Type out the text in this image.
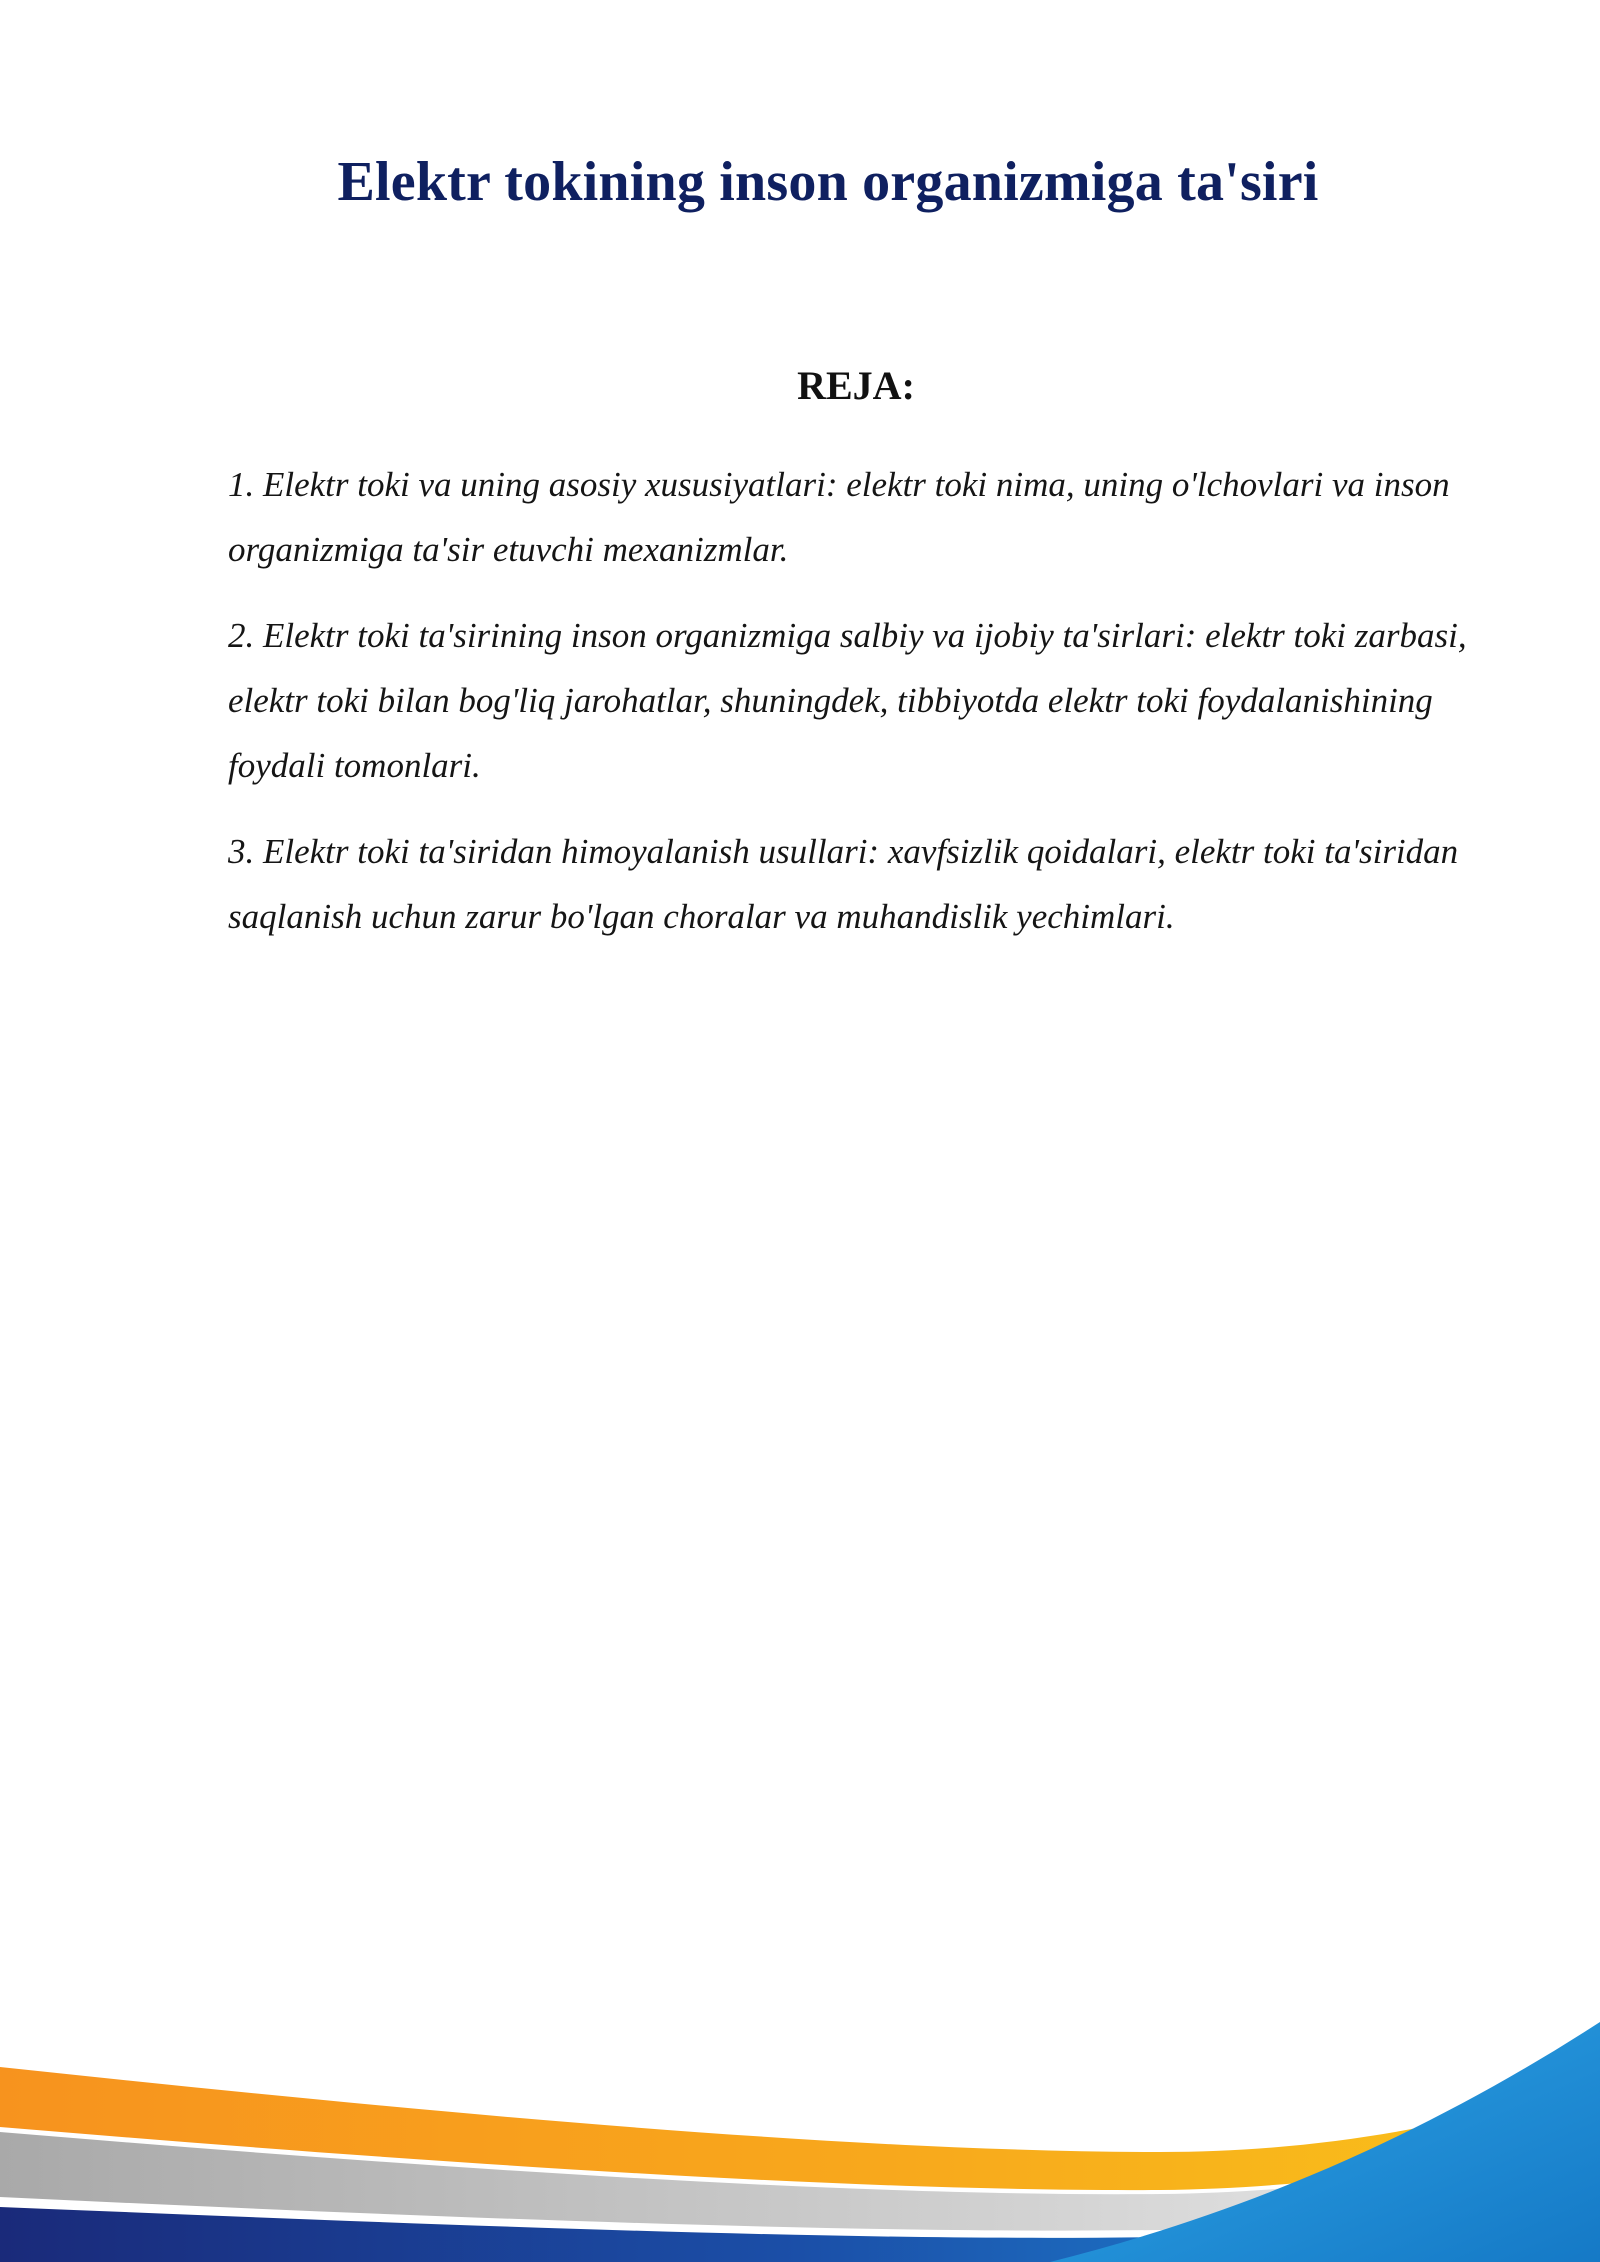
Elektr tokining inson organizmiga ta'siri
REJA:
1. Elektr toki va uning asosiy xususiyatlari: elektr toki nima, uning o'lchovlari va inson organizmiga ta'sir etuvchi mexanizmlar.
2. Elektr toki ta'sirining inson organizmiga salbiy va ijobiy ta'sirlari: elektr toki zarbasi, elektr toki bilan bog'liq jarohatlar, shuningdek, tibbiyotda elektr toki foydalanishining foydali tomonlari.
3. Elektr toki ta'siridan himoyalanish usullari: xavfsizlik qoidalari, elektr toki ta'siridan saqlanish uchun zarur bo'lgan choralar va muhandislik yechimlari.
